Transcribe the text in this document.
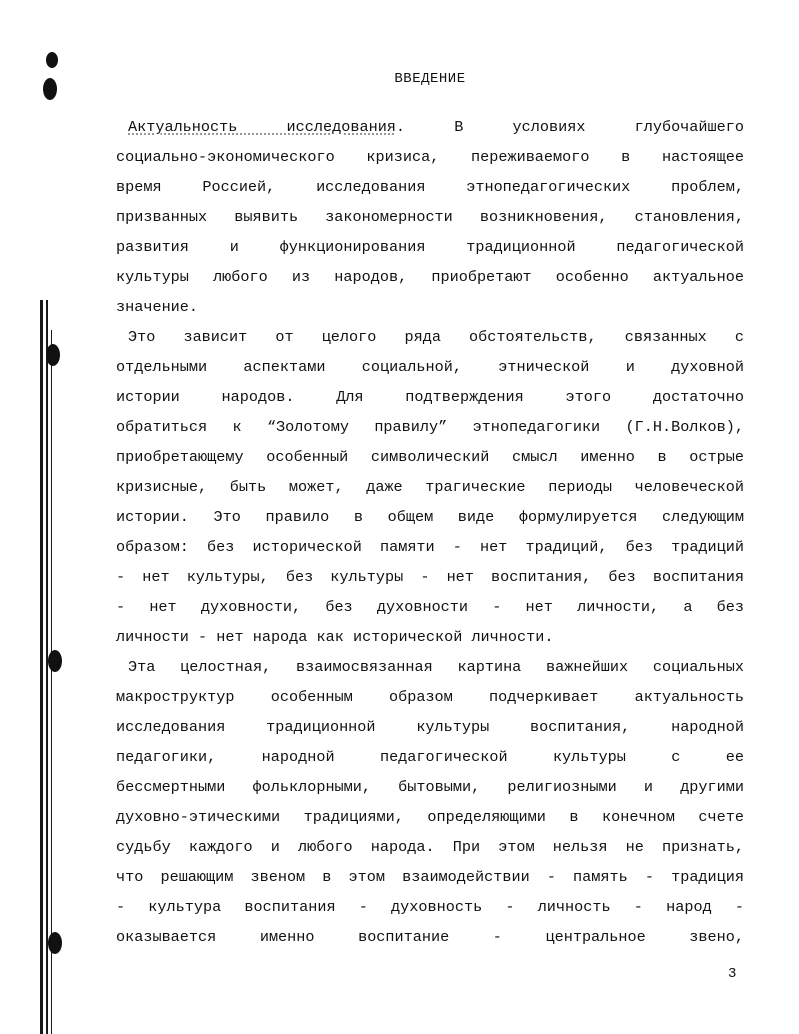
ВВЕДЕНИЕ

Актуальность исследования. В условиях глубочайшего

социально-экономического кризиса, переживаемого в настоящее

время Россией, исследования этнопедагогических проблем,

призванных выявить закономерности возникновения, становления,

развития и функционирования традиционной педагогической

культуры любого из народов, приобретают особенно актуальное

значение.

Это зависит от целого ряда обстоятельств, связанных с

отдельными аспектами социальной, этнической и духовной

истории народов. Для подтверждения этого достаточно

обратиться к “Золотому правилу” этнопедагогики (Г.Н.Волков),

приобретающему особенный символический смысл именно в острые

кризисные, быть может, даже трагические периоды человеческой

истории. Это правило в общем виде формулируется следующим

образом: без исторической памяти - нет традиций, без традиций

- нет культуры, без культуры - нет воспитания, без воспитания

- нет духовности, без духовности - нет личности, а без

личности - нет народа как исторической личности.

Эта целостная, взаимосвязанная картина важнейших социальных

макроструктур особенным образом подчеркивает актуальность

исследования традиционной культуры воспитания, народной

педагогики, народной педагогической культуры с ее

бессмертными фольклорными, бытовыми, религиозными и другими

духовно-этическими традициями, определяющими в конечном счете

судьбу каждого и любого народа. При этом нельзя не признать,

что решающим звеном в этом взаимодействии - память - традиция

- культура воспитания - духовность - личность - народ -

оказывается именно воспитание - центральное звено,

3
